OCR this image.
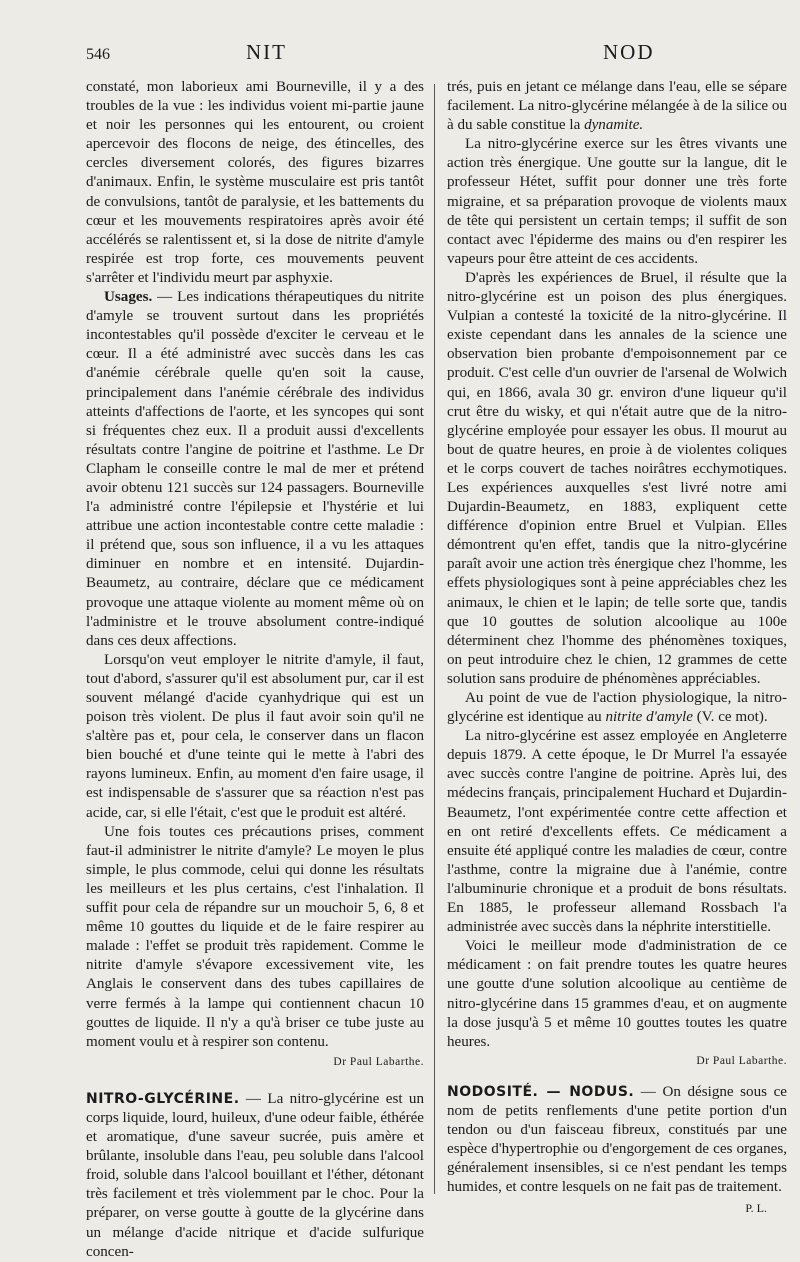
546	NIT	NOD

constaté, mon laborieux ami Bourneville, il y a des troubles de la vue : les individus voient mi-partie jaune et noir les personnes qui les entourent, ou croient apercevoir des flocons de neige, des étincelles, des cercles diversement colorés, des figures bizarres d'animaux. Enfin, le système musculaire est pris tantôt de convulsions, tantôt de paralysie, et les battements du cœur et les mouvements respiratoires après avoir été accélérés se ralentissent et, si la dose de nitrite d'amyle respirée est trop forte, ces mouvements peuvent s'arrêter et l'individu meurt par asphyxie.

Usages. — Les indications thérapeutiques du nitrite d'amyle se trouvent surtout dans les propriétés incontestables qu'il possède d'exciter le cerveau et le cœur. Il a été administré avec succès dans les cas d'anémie cérébrale quelle qu'en soit la cause, principalement dans l'anémie cérébrale des individus atteints d'affections de l'aorte, et les syncopes qui sont si fréquentes chez eux. Il a produit aussi d'excellents résultats contre l'angine de poitrine et l'asthme. Le Dr Clapham le conseille contre le mal de mer et prétend avoir obtenu 121 succès sur 124 passagers. Bourneville l'a administré contre l'épilepsie et l'hystérie et lui attribue une action incontestable contre cette maladie : il prétend que, sous son influence, il a vu les attaques diminuer en nombre et en intensité. Dujardin-Beaumetz, au contraire, déclare que ce médicament provoque une attaque violente au moment même où on l'administre et le trouve absolument contre-indiqué dans ces deux affections.

Lorsqu'on veut employer le nitrite d'amyle, il faut, tout d'abord, s'assurer qu'il est absolument pur, car il est souvent mélangé d'acide cyanhydrique qui est un poison très violent. De plus il faut avoir soin qu'il ne s'altère pas et, pour cela, le conserver dans un flacon bien bouché et d'une teinte qui le mette à l'abri des rayons lumineux. Enfin, au moment d'en faire usage, il est indispensable de s'assurer que sa réaction n'est pas acide, car, si elle l'était, c'est que le produit est altéré.

Une fois toutes ces précautions prises, comment faut-il administrer le nitrite d'amyle? Le moyen le plus simple, le plus commode, celui qui donne les résultats les meilleurs et les plus certains, c'est l'inhalation. Il suffit pour cela de répandre sur un mouchoir 5, 6, 8 et même 10 gouttes du liquide et de le faire respirer au malade : l'effet se produit très rapidement. Comme le nitrite d'amyle s'évapore excessivement vite, les Anglais le conservent dans des tubes capillaires de verre fermés à la lampe qui contiennent chacun 10 gouttes de liquide. Il n'y a qu'à briser ce tube juste au moment voulu et à respirer son contenu.

Dr Paul Labarthe.

NITRO-GLYCÉRINE. — La nitro-glycérine est un corps liquide, lourd, huileux, d'une odeur faible, éthérée et aromatique, d'une saveur sucrée, puis amère et brûlante, insoluble dans l'eau, peu soluble dans l'alcool froid, soluble dans l'alcool bouillant et l'éther, détonant très facilement et très violemment par le choc. Pour la préparer, on verse goutte à goutte de la glycérine dans un mélange d'acide nitrique et d'acide sulfurique concen-

trés, puis en jetant ce mélange dans l'eau, elle se sépare facilement. La nitro-glycérine mélangée à de la silice ou à du sable constitue la dynamite.

La nitro-glycérine exerce sur les êtres vivants une action très énergique. Une goutte sur la langue, dit le professeur Hétet, suffit pour donner une très forte migraine, et sa préparation provoque de violents maux de tête qui persistent un certain temps; il suffit de son contact avec l'épiderme des mains ou d'en respirer les vapeurs pour être atteint de ces accidents.

D'après les expériences de Bruel, il résulte que la nitro-glycérine est un poison des plus énergiques. Vulpian a contesté la toxicité de la nitro-glycérine. Il existe cependant dans les annales de la science une observation bien probante d'empoisonnement par ce produit. C'est celle d'un ouvrier de l'arsenal de Wolwich qui, en 1866, avala 30 gr. environ d'une liqueur qu'il crut être du wisky, et qui n'était autre que de la nitro-glycérine employée pour essayer les obus. Il mourut au bout de quatre heures, en proie à de violentes coliques et le corps couvert de taches noirâtres ecchymotiques. Les expériences auxquelles s'est livré notre ami Dujardin-Beaumetz, en 1883, expliquent cette différence d'opinion entre Bruel et Vulpian. Elles démontrent qu'en effet, tandis que la nitro-glycérine paraît avoir une action très énergique chez l'homme, les effets physiologiques sont à peine appréciables chez les animaux, le chien et le lapin; de telle sorte que, tandis que 10 gouttes de solution alcoolique au 100e déterminent chez l'homme des phénomènes toxiques, on peut introduire chez le chien, 12 grammes de cette solution sans produire de phénomènes appréciables.

Au point de vue de l'action physiologique, la nitro-glycérine est identique au nitrite d'amyle (V. ce mot).

La nitro-glycérine est assez employée en Angleterre depuis 1879. A cette époque, le Dr Murrel l'a essayée avec succès contre l'angine de poitrine. Après lui, des médecins français, principalement Huchard et Dujardin-Beaumetz, l'ont expérimentée contre cette affection et en ont retiré d'excellents effets. Ce médicament a ensuite été appliqué contre les maladies de cœur, contre l'asthme, contre la migraine due à l'anémie, contre l'albuminurie chronique et a produit de bons résultats. En 1885, le professeur allemand Rossbach l'a administrée avec succès dans la néphrite interstitielle.

Voici le meilleur mode d'administration de ce médicament : on fait prendre toutes les quatre heures une goutte d'une solution alcoolique au centième de nitro-glycérine dans 15 grammes d'eau, et on augmente la dose jusqu'à 5 et même 10 gouttes toutes les quatre heures.

Dr Paul Labarthe.

NODOSITÉ. — NODUS. — On désigne sous ce nom de petits renflements d'une petite portion d'un tendon ou d'un faisceau fibreux, constitués par une espèce d'hypertrophie ou d'engorgement de ces organes, généralement insensibles, si ce n'est pendant les temps humides, et contre lesquels on ne fait pas de traitement.

P. L.
